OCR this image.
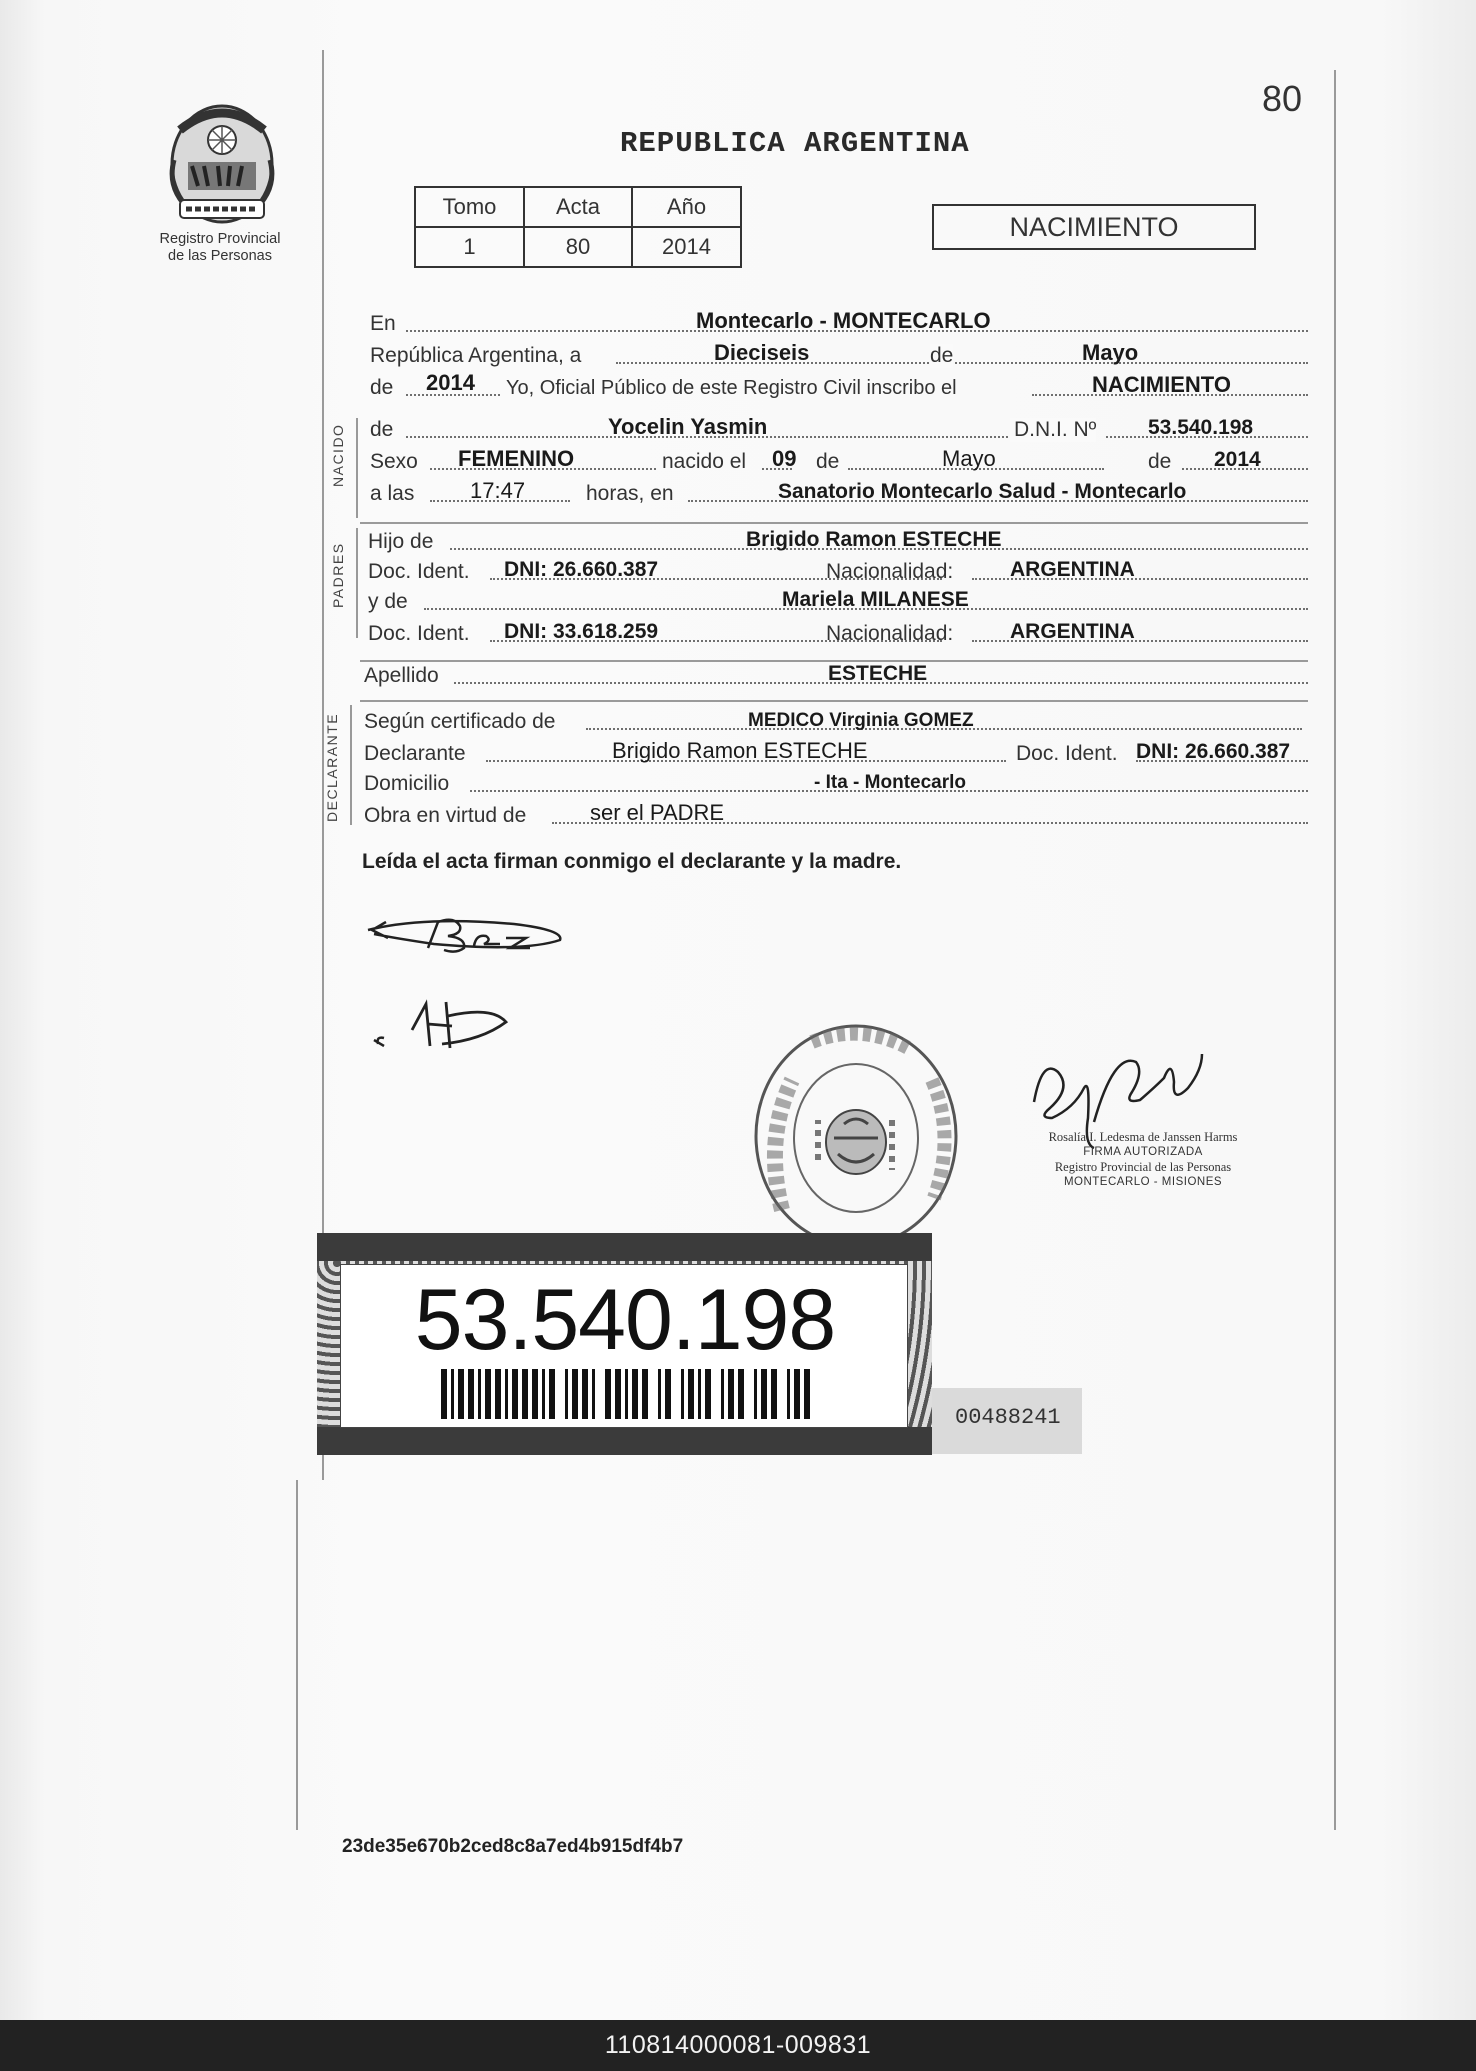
80
REPUBLICA ARGENTINA
Registro Provincial
de las Personas
Tomo	Acta	Año
1	80	2014
NACIMIENTO
NACIDO
PADRES
DECLARANTE
En	Montecarlo - MONTECARLO
República Argentina, a	Dieciseis	de	Mayo
de 2014 Yo, Oficial Público de este Registro Civil inscribo el	NACIMIENTO
de	Yocelin Yasmin	D.N.I. Nº 53.540.198
Sexo FEMENINO	nacido el 09 de	Mayo	de 2014
a las	17:47	horas, en	Sanatorio Montecarlo Salud - Montecarlo
Hijo de	Brigido Ramon ESTECHE
Doc. Ident. DNI: 26.660.387	Nacionalidad:	ARGENTINA
y de	Mariela MILANESE
Doc. Ident. DNI: 33.618.259	Nacionalidad:	ARGENTINA
Apellido	ESTECHE
Según certificado de	MEDICO Virginia GOMEZ
Declarante	Brigido Ramon ESTECHE	Doc. Ident. DNI: 26.660.387
Domicilio	- Ita - Montecarlo
Obra en virtud de	ser el PADRE
Leída el acta firman conmigo el declarante y la madre.
Rosalía I. Ledesma de Janssen Harms
FIRMA AUTORIZADA
Registro Provincial de las Personas
MONTECARLO - MISIONES
53.540.198
00488241
23de35e670b2ced8c8a7ed4b915df4b7
110814000081-009831
